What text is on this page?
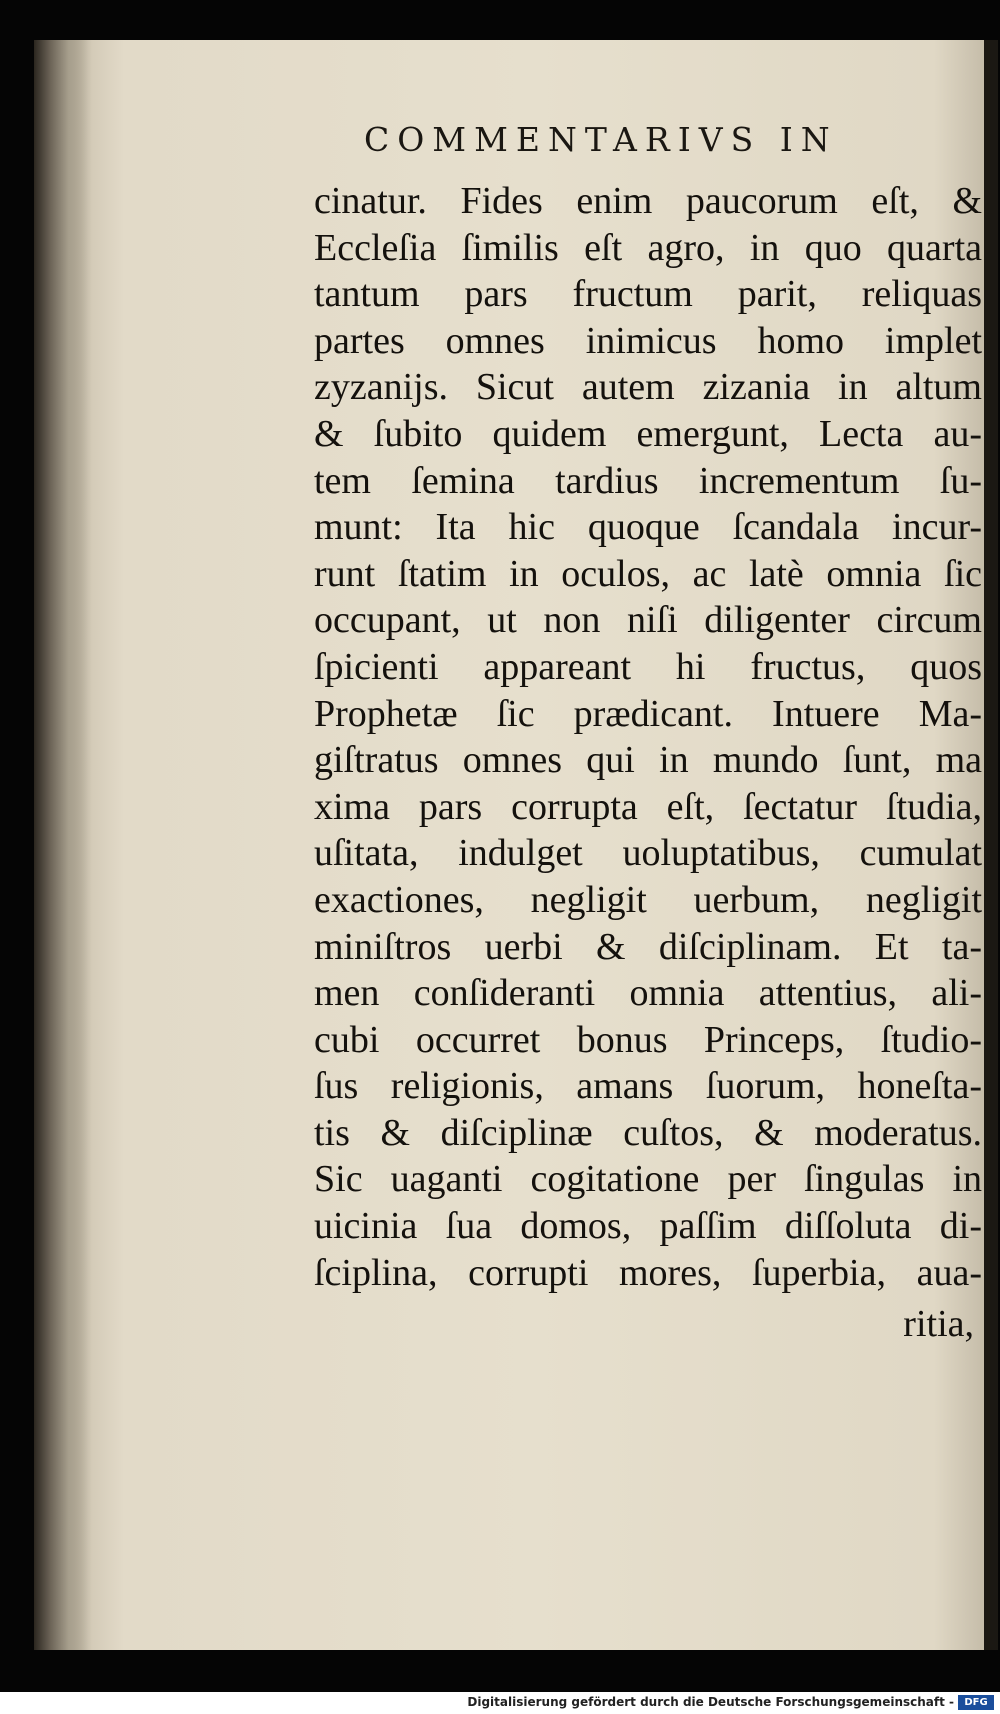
COMMENTARIVS IN
cinatur. Fides enim paucorum eſt, &
Eccleſia ſimilis eſt agro, in quo quarta
tantum pars fructum parit, reliquas
partes omnes inimicus homo implet
zyzanijs. Sicut autem zizania in altum
& ſubito quidem emergunt, Lecta au-
tem ſemina tardius incrementum ſu-
munt: Ita hic quoque ſcandala incur-
runt ſtatim in oculos, ac latè omnia ſic
occupant, ut non niſi diligenter circum
ſpicienti appareant hi fructus, quos
Prophetæ ſic prædicant. Intuere Ma-
giſtratus omnes qui in mundo ſunt, ma
xima pars corrupta eſt, ſectatur ſtudia,
uſitata, indulget uoluptatibus, cumulat
exactiones, negligit uerbum, negligit
miniſtros uerbi & diſciplinam. Et ta-
men conſideranti omnia attentius, ali-
cubi occurret bonus Princeps, ſtudio-
ſus religionis, amans ſuorum, honeſta-
tis & diſciplinæ cuſtos, & moderatus.
Sic uaganti cogitatione per ſingulas in
uicinia ſua domos, paſſim diſſoluta di-
ſciplina, corrupti mores, ſuperbia, aua-
ritia,
Digitalisierung gefördert durch die Deutsche Forschungsgemeinschaft -	DFG
